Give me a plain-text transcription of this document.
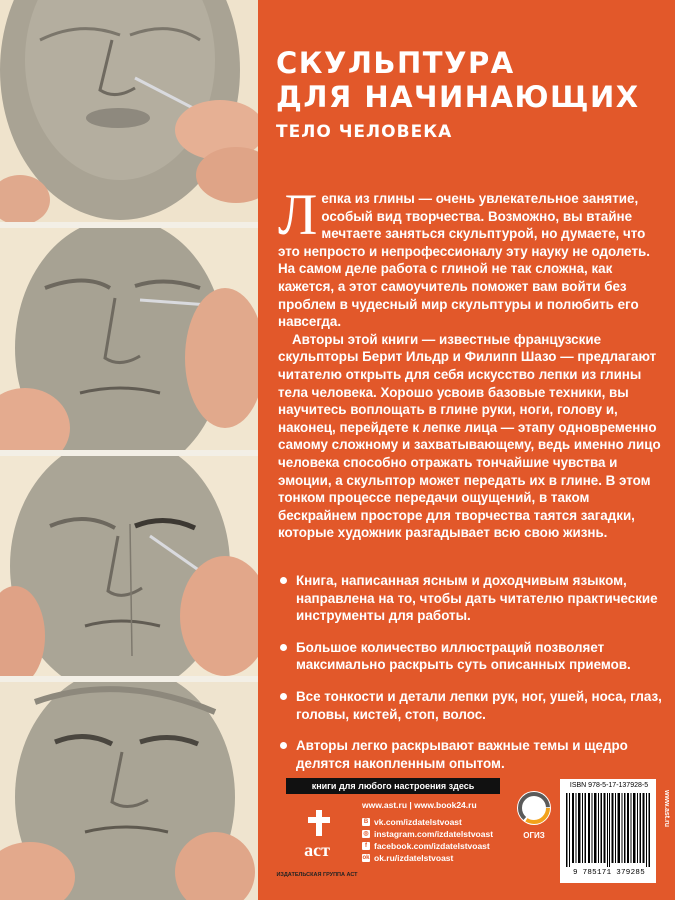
СКУЛЬПТУРА
ДЛЯ НАЧИНАЮЩИХ
ТЕЛО ЧЕЛОВЕКА

Лепка из глины — очень увлекательное занятие, особый вид творчества. Возможно, вы втайне мечтаете заняться скульптурой, но думаете, что это непросто и непрофессионалу эту науку не одолеть. На самом деле работа с глиной не так сложна, как кажется, а этот самоучитель поможет вам войти без проблем в чудесный мир скульптуры и полюбить его навсегда.

Авторы этой книги — известные французские скульпторы Берит Ильдр и Филипп Шазо — предлагают читателю открыть для себя искусство лепки из глины тела человека. Хорошо усвоив базовые техники, вы научитесь воплощать в глине руки, ноги, голову и, наконец, перейдете к лепке лица — этапу одновременно самому сложному и захватывающему, ведь именно лицо человека способно отражать тончайшие чувства и эмоции, а скульптор может передать их в глине. В этом тонком процессе передачи ощущений, в таком бескрайнем просторе для творчества таятся загадки, которые художник разгадывает всю свою жизнь.

Книга, написанная ясным и доходчивым языком, направлена на то, чтобы дать читателю практические инструменты для работы.
Большое количество иллюстраций позволяет максимально раскрыть суть описанных приемов.
Все тонкости и детали лепки рук, ног, ушей, носа, глаз, головы, кистей, стоп, волос.
Авторы легко раскрывают важные темы и щедро делятся накопленным опытом.
книги для любого настроения здесь
аст
ИЗДАТЕЛЬСКАЯ ГРУППА АСТ
www.ast.ru | www.book24.ru
В vk.com/izdatelstvoast
◎ instagram.com/izdatelstvoast
f facebook.com/izdatelstvoast
ok ok.ru/izdatelstvoast
ОГИЗ
ISBN 978-5-17-137928-5
9 785171 379285
www.ast.ru
